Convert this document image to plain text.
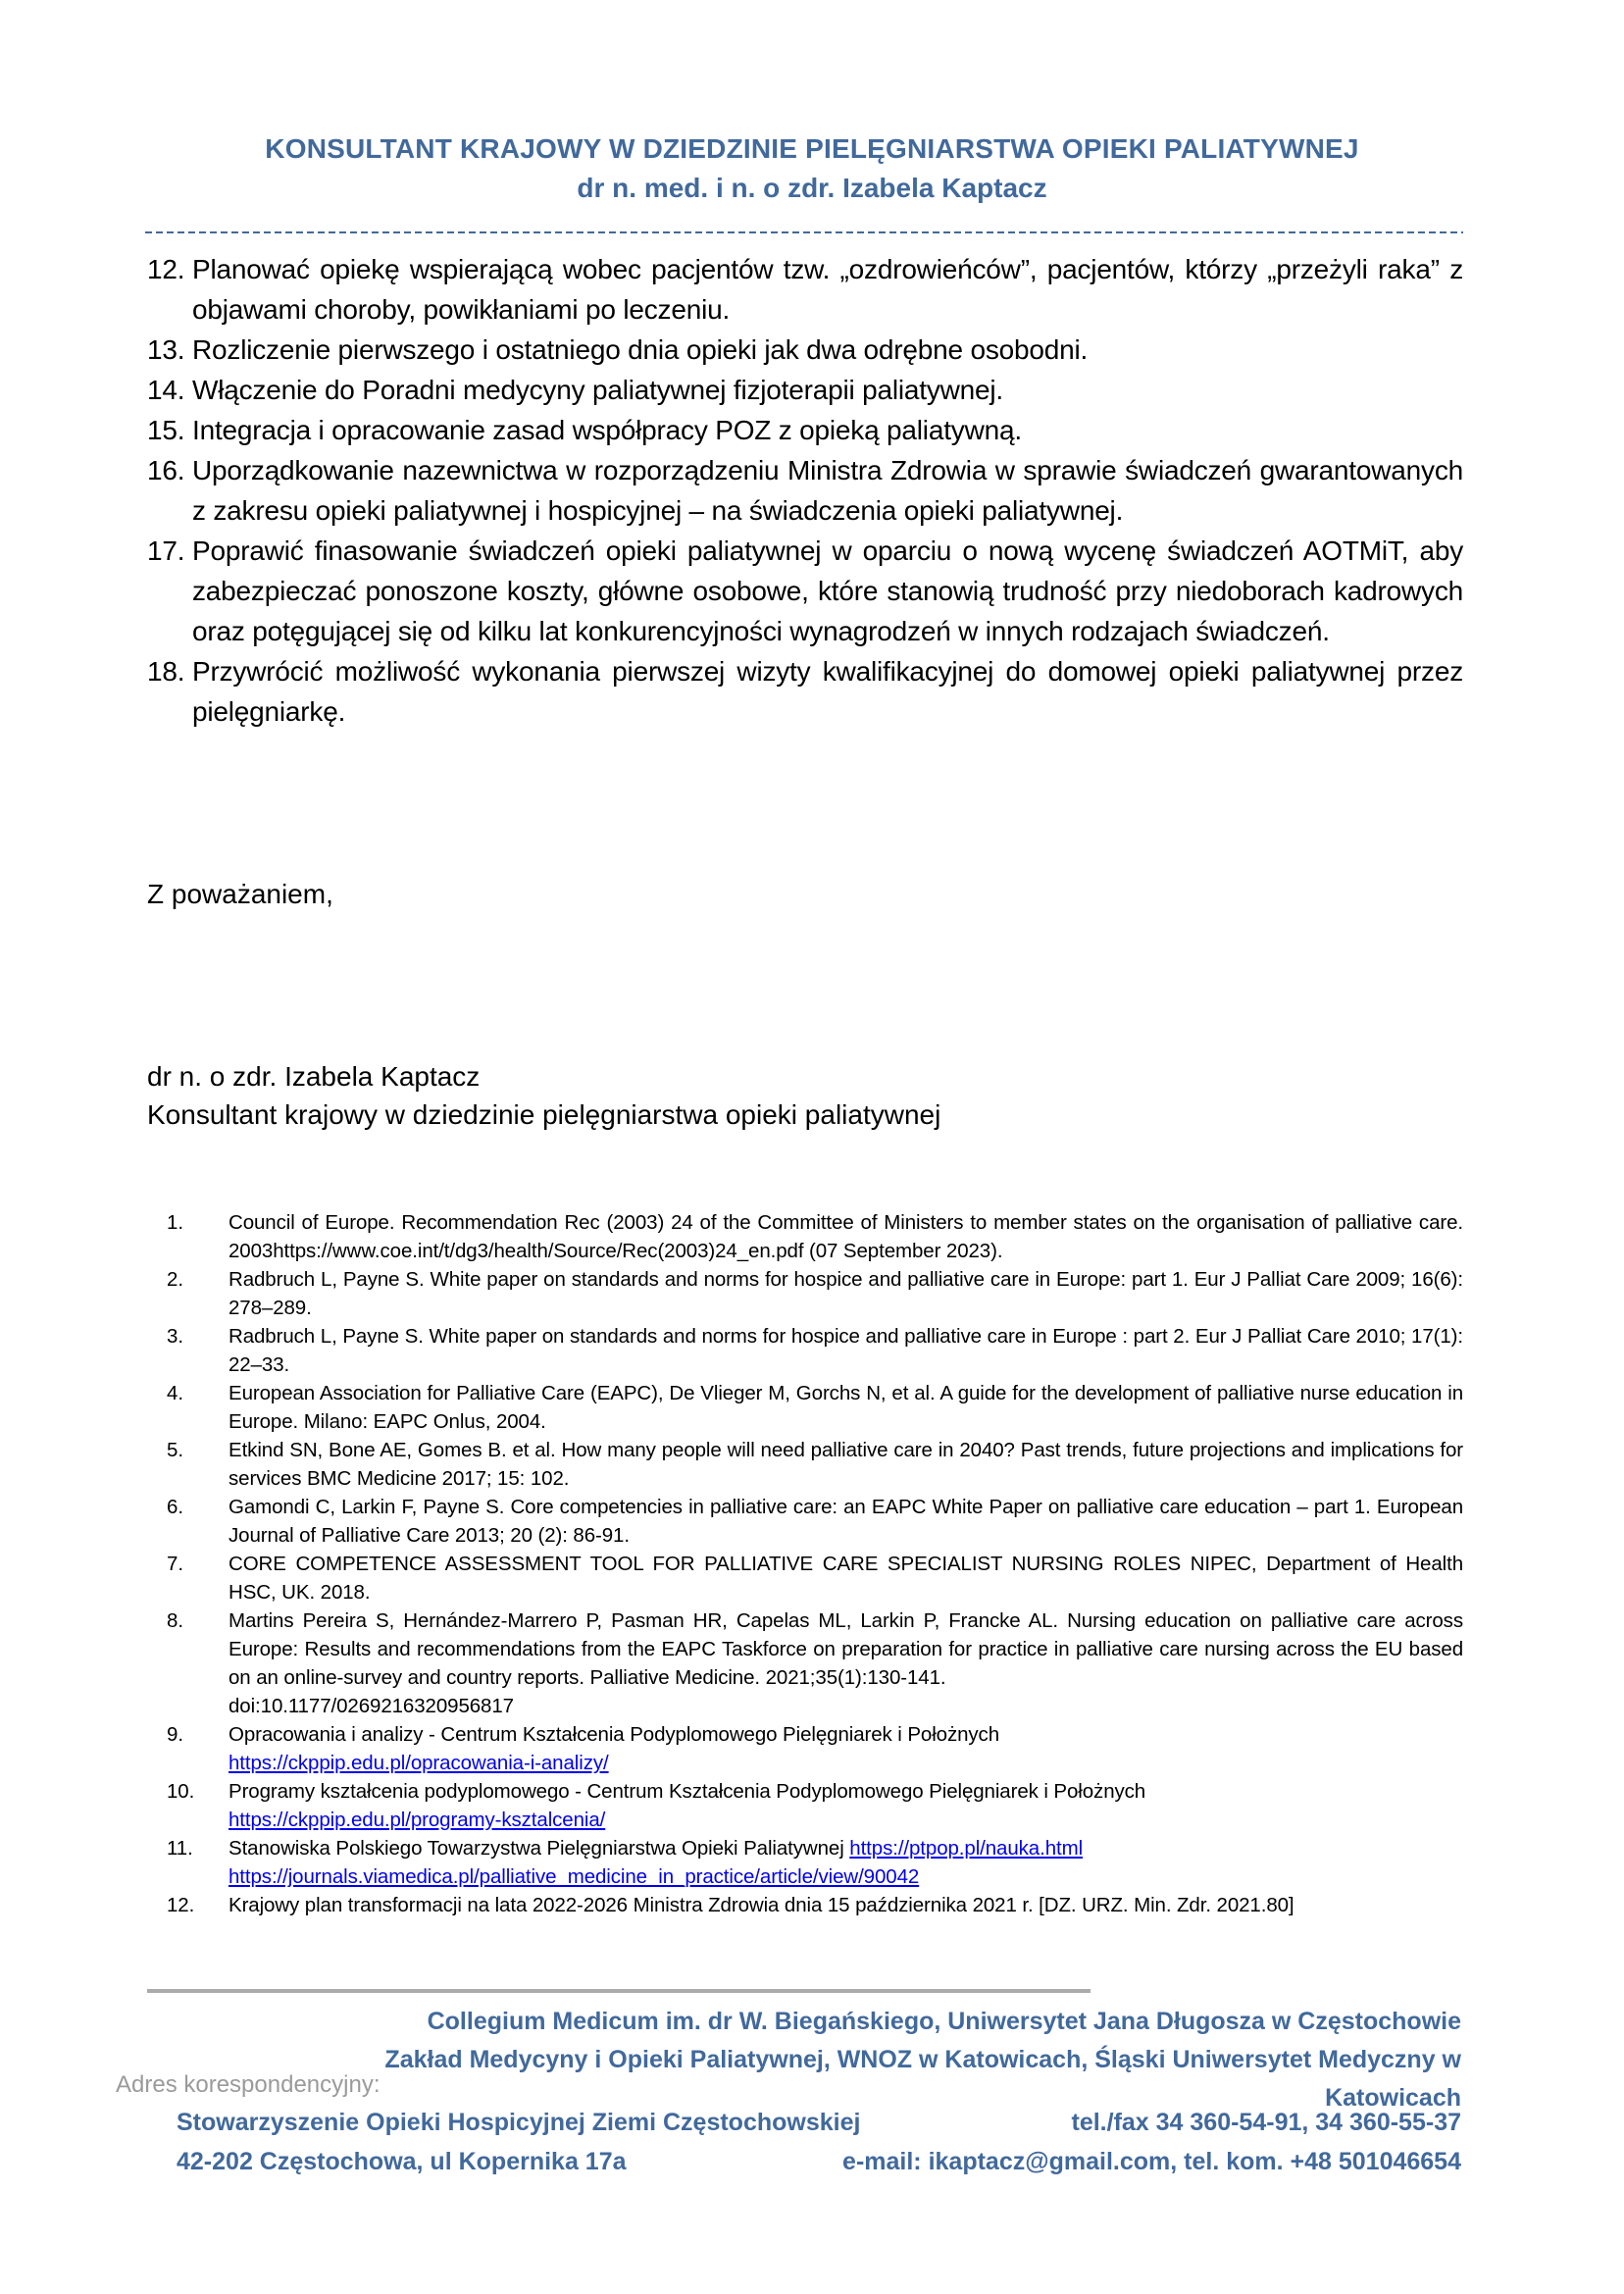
KONSULTANT KRAJOWY W DZIEDZINIE PIELĘGNIARSTWA OPIEKI PALIATYWNEJ
dr n. med. i n. o zdr. Izabela Kaptacz
Planować opiekę wspierającą wobec pacjentów tzw. „ozdrowieńców”, pacjentów, którzy „przeżyli raka” z objawami choroby, powikłaniami po leczeniu.
Rozliczenie pierwszego i ostatniego dnia opieki jak dwa odrębne osobodni.
Włączenie do Poradni medycyny paliatywnej fizjoterapii paliatywnej.
Integracja i opracowanie zasad współpracy POZ z opieką paliatywną.
Uporządkowanie nazewnictwa w rozporządzeniu Ministra Zdrowia w sprawie świadczeń gwarantowanych z zakresu opieki paliatywnej i hospicyjnej – na świadczenia opieki paliatywnej.
Poprawić finasowanie świadczeń opieki paliatywnej w oparciu o nową wycenę świadczeń AOTMiT, aby zabezpieczać ponoszone koszty, główne osobowe, które stanowią trudność przy niedoborach kadrowych oraz potęgującej się od kilku lat konkurencyjności wynagrodzeń w innych rodzajach świadczeń.
Przywrócić możliwość wykonania pierwszej wizyty kwalifikacyjnej do domowej opieki paliatywnej przez pielęgniarkę.
Z poważaniem,
dr n. o zdr. Izabela Kaptacz
Konsultant krajowy w dziedzinie pielęgniarstwa opieki paliatywnej
Council of Europe. Recommendation Rec (2003) 24 of the Committee of Ministers to member states on the organisation of palliative care. 2003https://www.coe.int/t/dg3/health/Source/Rec(2003)24_en.pdf (07 September 2023).
Radbruch L, Payne S. White paper on standards and norms for hospice and palliative care in Europe: part 1. Eur J Palliat Care 2009; 16(6): 278–289.
Radbruch L, Payne S. White paper on standards and norms for hospice and palliative care in Europe : part 2. Eur J Palliat Care 2010; 17(1): 22–33.
European Association for Palliative Care (EAPC), De Vlieger M, Gorchs N, et al. A guide for the development of palliative nurse education in Europe. Milano: EAPC Onlus, 2004.
Etkind SN, Bone AE, Gomes B. et al. How many people will need palliative care in 2040? Past trends, future projections and implications for services BMC Medicine 2017; 15: 102.
Gamondi C, Larkin F, Payne S. Core competencies in palliative care: an EAPC White Paper on palliative care education – part 1. European Journal of Palliative Care 2013; 20 (2): 86-91.
CORE COMPETENCE ASSESSMENT TOOL FOR PALLIATIVE CARE SPECIALIST NURSING ROLES NIPEC, Department of Health HSC, UK. 2018.
Martins Pereira S, Hernández-Marrero P, Pasman HR, Capelas ML, Larkin P, Francke AL. Nursing education on palliative care across Europe: Results and recommendations from the EAPC Taskforce on preparation for practice in palliative care nursing across the EU based on an online-survey and country reports. Palliative Medicine. 2021;35(1):130-141.
doi:10.1177/0269216320956817
Opracowania i analizy - Centrum Kształcenia Podyplomowego Pielęgniarek i Położnych
https://ckppip.edu.pl/opracowania-i-analizy/
Programy kształcenia podyplomowego - Centrum Kształcenia Podyplomowego Pielęgniarek i Położnych
https://ckppip.edu.pl/programy-ksztalcenia/
Stanowiska Polskiego Towarzystwa Pielęgniarstwa Opieki Paliatywnej https://ptpop.pl/nauka.html
https://journals.viamedica.pl/palliative_medicine_in_practice/article/view/90042
Krajowy plan transformacji na lata 2022-2026 Ministra Zdrowia dnia 15 października 2021 r. [DZ. URZ. Min. Zdr. 2021.80]
Collegium Medicum im. dr W. Biegańskiego, Uniwersytet Jana Długosza w Częstochowie
Zakład Medycyny i Opieki Paliatywnej, WNOZ w Katowicach, Śląski Uniwersytet Medyczny w Katowicach
Adres korespondencyjny:
Stowarzyszenie Opieki Hospicyjnej Ziemi Częstochowskiej	tel./fax 34 360-54-91, 34 360-55-37
42-202 Częstochowa, ul Kopernika 17a	e-mail: ikaptacz@gmail.com, tel. kom. +48 501046654
